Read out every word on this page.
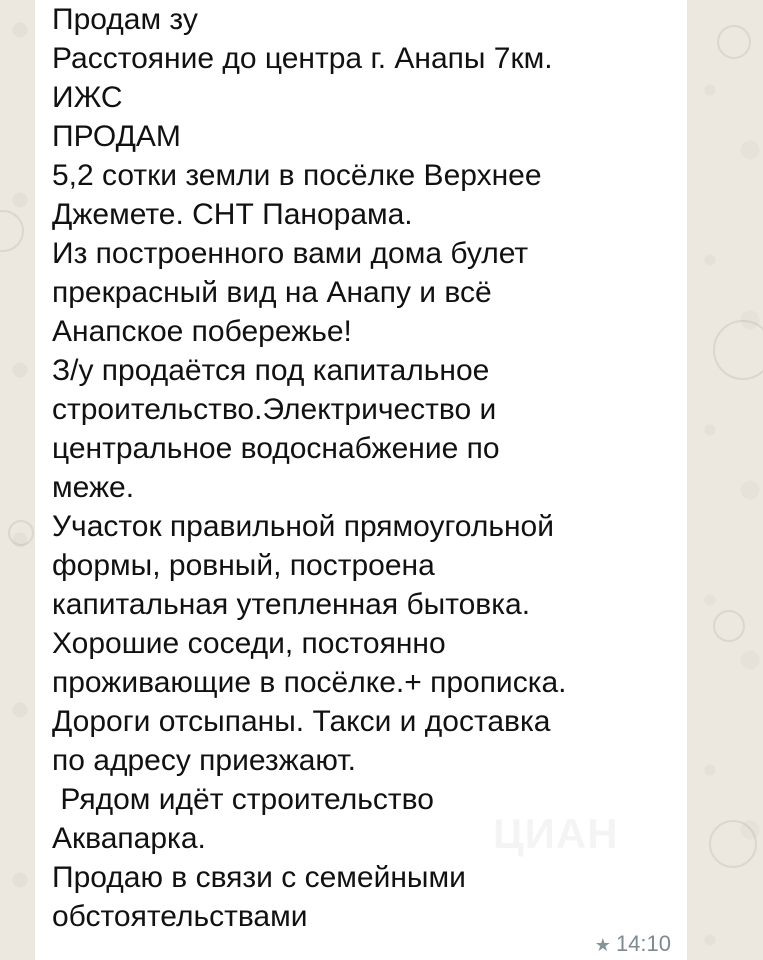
Продам зу
Расстояние до центра г. Анапы 7км.
ИЖС
ПРОДАМ
5,2 сотки земли в посёлке Верхнее
Джемете. СНТ Панорама.
Из построенного вами дома булет
прекрасный вид на Анапу и всё
Анапское побережье!
З/у продаётся под капитальное
строительство.Электричество и
центральное водоснабжение по
меже.
Участок правильной прямоугольной
формы, ровный, построена
капитальная утепленная бытовка.
Хорошие соседи, постоянно
проживающие в посёлке.+ прописка.
Дороги отсыпаны. Такси и доставка
по адресу приезжают.
Рядом идёт строительство
Аквапарка.
Продаю в связи с семейными
обстоятельствами
★ 14:10
